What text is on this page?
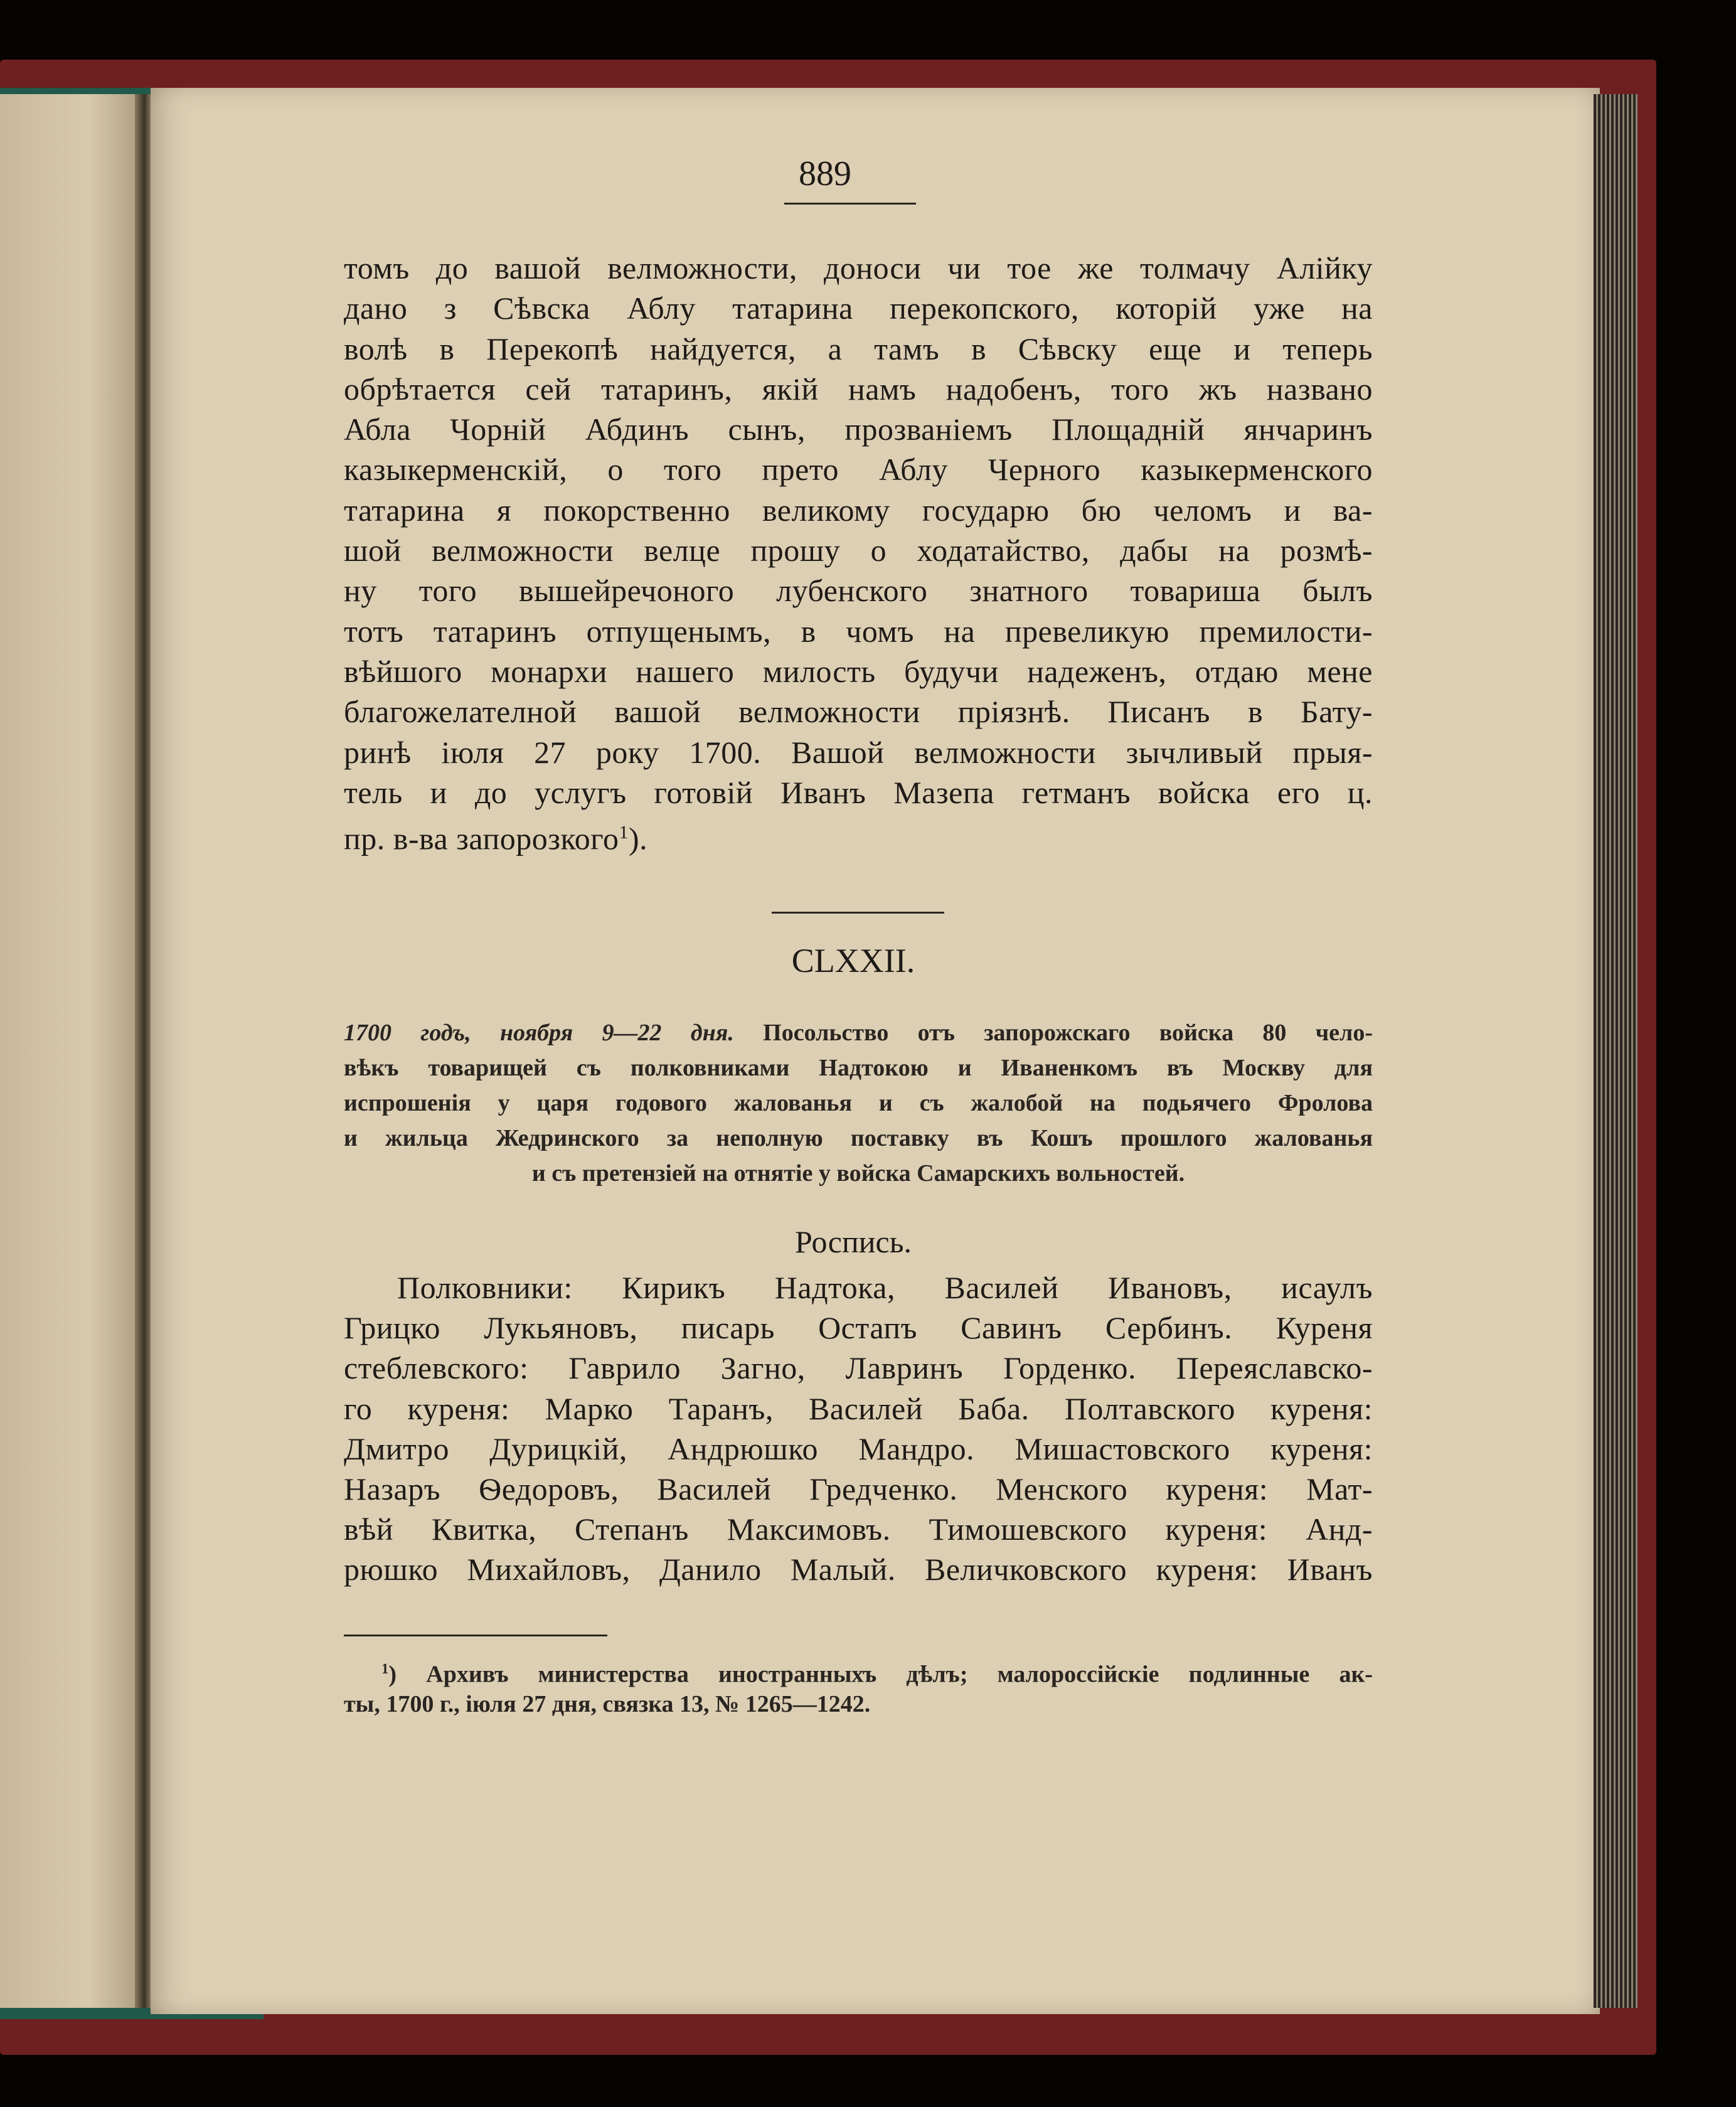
889
томъ до вашой велможности, доноси чи тое же толмачу Алійку
дано з Сѣвска Аблу татарина перекопского, которій уже на
волѣ в Перекопѣ найдуется, а тамъ в Сѣвску еще и теперь
обрѣтается сей татаринъ, якій намъ надобенъ, того жъ названо
Абла Чорній Абдинъ сынъ, прозваніемъ Площадній янчаринъ
казыкерменскій, о того прето Аблу Черного казыкерменского
татарина я покорственно великому государю бю челомъ и ва-
шой велможности велце прошу о ходатайство, дабы на розмѣ-
ну того вышейречоного лубенского знатного товариша былъ
тотъ татаринъ отпущенымъ, в чомъ на превеликую премилости-
вѣйшого монархи нашего милость будучи надеженъ, отдаю мене
благожелателной вашой велможности пріязнѣ. Писанъ в Бату-
ринѣ іюля 27 року 1700. Вашой велможности зычливый прыя-
тель и до услугъ готовій Иванъ Мазепа гетманъ войска его ц.
пр. в-ва запорозкого$^1$).
CLXXII.
1700 годъ, ноября 9—22 дня. Посольство отъ запорожскаго войска 80 чело-
вѣкъ товарищей съ полковниками Надтокою и Иваненкомъ въ Москву для
испрошенія у царя годового жалованья и съ жалобой на подьячего Фролова
и жильца Жедринского за неполную поставку въ Кошъ прошлого жалованья
и съ претензіей на отнятіе у войска Самарскихъ вольностей.
Роспись.
Полковники: Кирикъ Надтока, Василей Ивановъ, исаулъ
Грицко Лукьяновъ, писарь Остапъ Савинъ Сербинъ. Куреня
стеблевского: Гаврило Загно, Лавринъ Горденко. Переяславско-
го куреня: Марко Таранъ, Василей Баба. Полтавского куреня:
Дмитро Дурицкій, Андрюшко Мандро. Мишастовского куреня:
Назаръ Ѳедоровъ, Василей Гредченко. Менского куреня: Мат-
вѣй Квитка, Степанъ Максимовъ. Тимошевского куреня: Анд-
рюшко Михайловъ, Данило Малый. Величковского куреня: Иванъ
$^1$) Архивъ министерства иностранныхъ дѣлъ; малороссійскіе подлинные ак-
ты, 1700 г., іюля 27 дня, связка 13, № 1265—1242.
